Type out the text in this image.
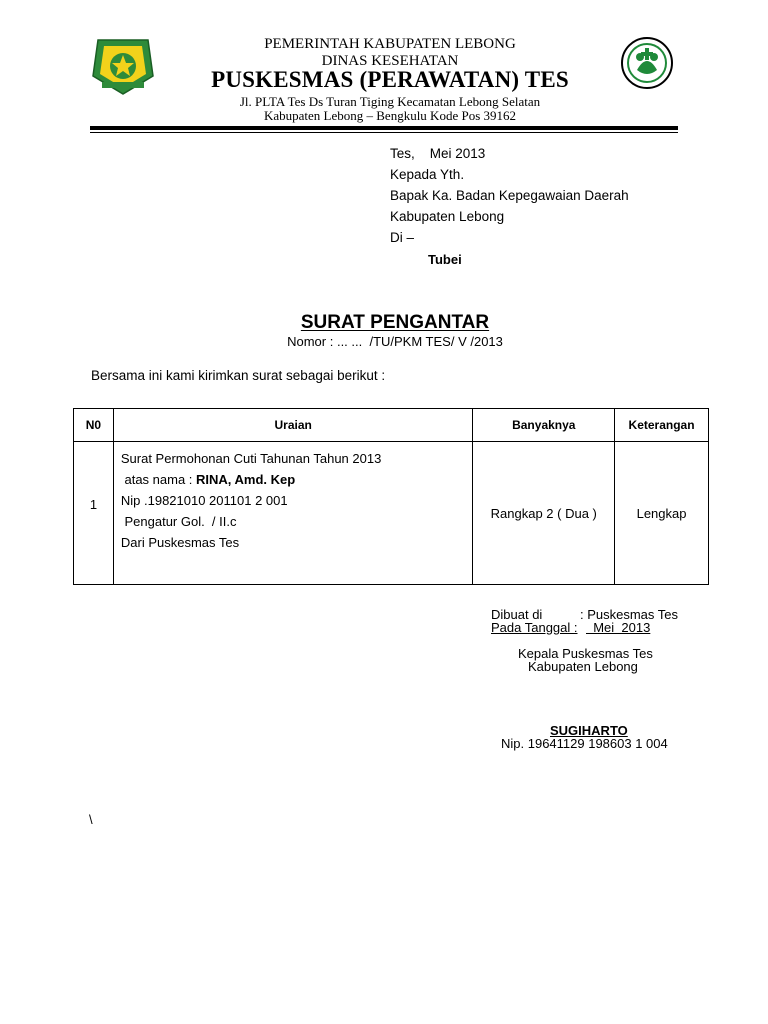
PEMERINTAH KABUPATEN LEBONG
DINAS KESEHATAN
PUSKESMAS (PERAWATAN) TES
Jl. PLTA Tes Ds Turan Tiging Kecamatan Lebong Selatan
Kabupaten Lebong – Bengkulu Kode Pos 39162
Tes,    Mei 2013
Kepada Yth.
Bapak Ka. Badan Kepegawaian Daerah
Kabupaten Lebong
Di –
Tubei
SURAT PENGANTAR
Nomor : ... ...  /TU/PKM TES/ V /2013
Bersama ini kami kirimkan surat sebagai berikut :
N0	Uraian	Banyaknya	Keterangan
1	Surat Permohonan Cuti Tahunan Tahun 2013
atas nama : RINA, Amd. Kep
Nip .19821010 201101 2 001
Pengatur Gol.  / II.c
Dari Puskesmas Tes	Rangkap 2 ( Dua )	Lengkap
Dibuat di	: Puskesmas Tes
Pada Tanggal : Mei  2013
Kepala Puskesmas Tes
Kabupaten Lebong
SUGIHARTO
Nip. 19641129 198603 1 004
\
